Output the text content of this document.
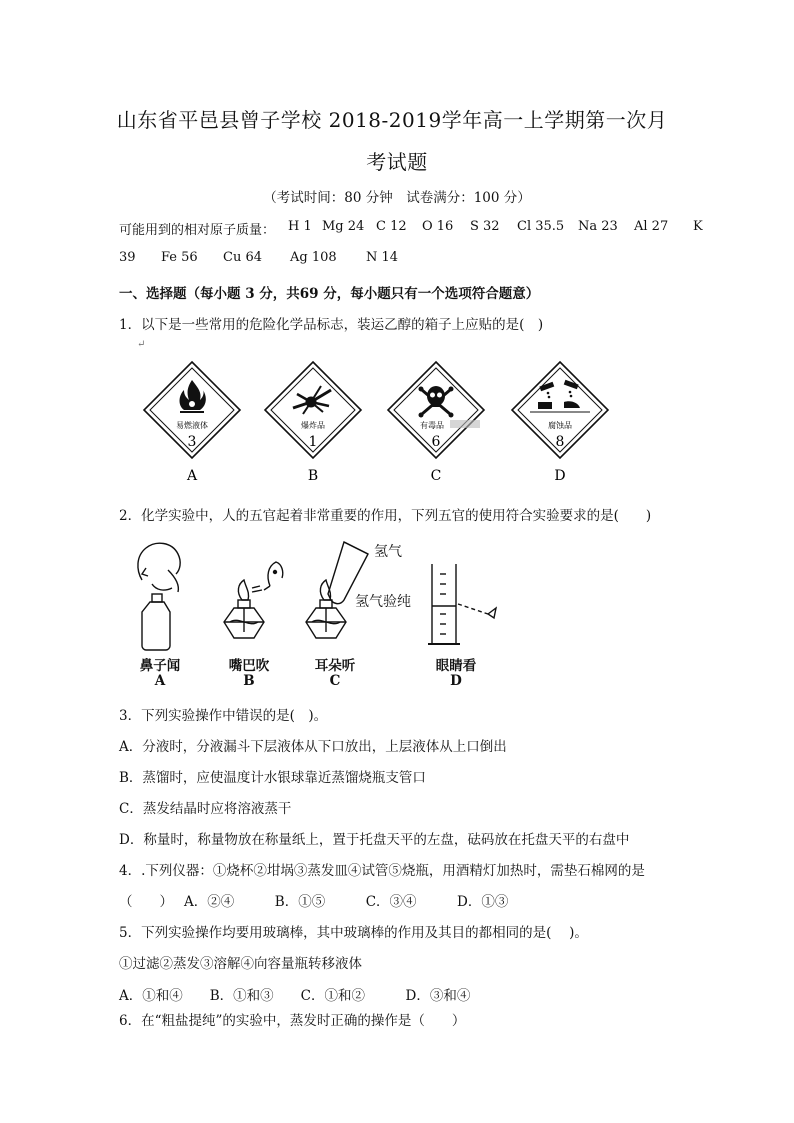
山东省平邑县曾子学校 2018-2019学年高一上学期第一次月
考试题
（考试时间：80 分钟　试卷满分：100 分）
可能用到的相对原子质量： H 1 Mg 24 C 12 O 16 S 32 Cl 35.5 Na 23 Al 27 K
39 Fe 56 Cu 64 Ag 108 N 14
一、选择题（每小题 3 分，共69 分，每小题只有一个选项符合题意）
1．以下是一些常用的危险化学品标志，装运乙醇的箱子上应贴的是(　)
↵
易燃液体
3
爆炸品
1
有毒品
6
腐蚀品
8
A	B	C	D
2．化学实验中，人的五官起着非常重要的作用，下列五官的使用符合实验要求的是(　　)
氢气
氢气验纯
鼻子闻	嘴巴吹	耳朵听	眼睛看
A	B	C	D
3．下列实验操作中错误的是(　)。
A．分液时，分液漏斗下层液体从下口放出，上层液体从上口倒出
B．蒸馏时，应使温度计水银球靠近蒸馏烧瓶支管口
C．蒸发结晶时应将溶液蒸干
D．称量时，称量物放在称量纸上，置于托盘天平的左盘，砝码放在托盘天平的右盘中
4．.下列仪器：①烧杯②坩埚③蒸发皿④试管⑤烧瓶，用酒精灯加热时，需垫石棉网的是
（　　）　 A．②④　　　B．①⑤　　　C．③④　　　D．①③
5．下列实验操作均要用玻璃棒，其中玻璃棒的作用及其目的都相同的是(　 )。
①过滤②蒸发③溶解④向容量瓶转移液体
A．①和④　　B．①和③　　C．①和②　　　D．③和④
6．在“粗盐提纯”的实验中，蒸发时正确的操作是（　　）
